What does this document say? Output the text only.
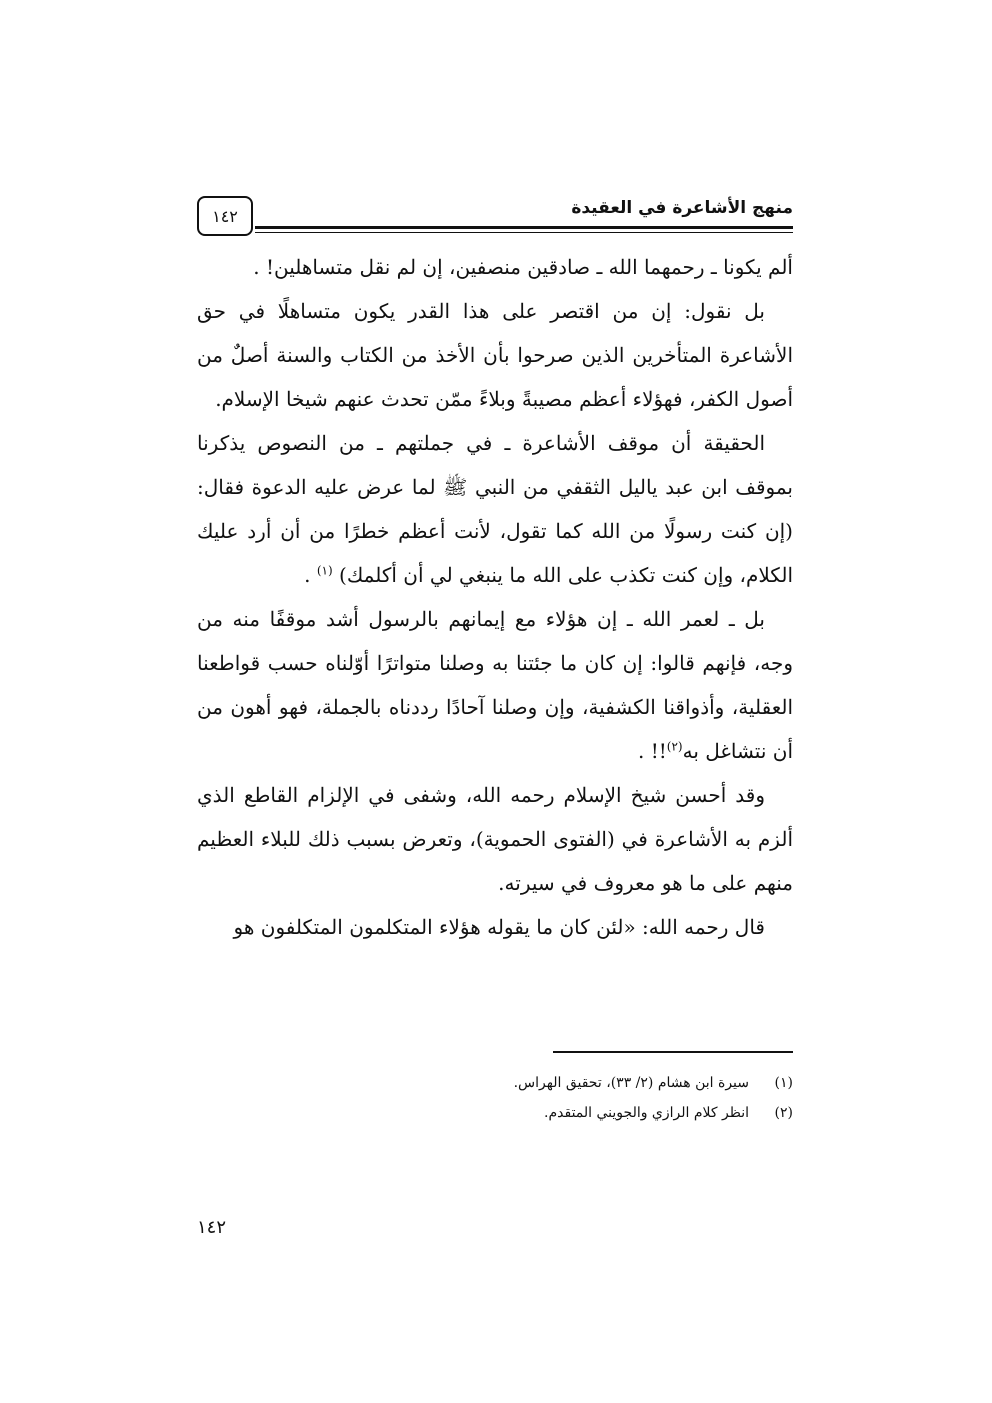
١٤٢	منهج الأشاعرة في العقيدة

ألم يكونا ـ رحمهما الله ـ صادقين منصفين، إن لم نقل متساهلين! .

بل نقول: إن من اقتصر على هذا القدر يكون متساهلًا في حق الأشاعرة المتأخرين الذين صرحوا بأن الأخذ من الكتاب والسنة أصلٌ من أصول الكفر، فهؤلاء أعظم مصيبةً وبلاءً ممّن تحدث عنهم شيخا الإسلام.

الحقيقة أن موقف الأشاعرة ـ في جملتهم ـ من النصوص يذكرنا بموقف ابن عبد ياليل الثقفي من النبي ﷺ لما عرض عليه الدعوة فقال: (إن كنت رسولًا من الله كما تقول، لأنت أعظم خطرًا من أن أرد عليك الكلام، وإن كنت تكذب على الله ما ينبغي لي أن أكلمك) $^{(١)}$ .

بل ـ لعمر الله ـ إن هؤلاء مع إيمانهم بالرسول أشد موقفًا منه من وجه، فإنهم قالوا: إن كان ما جئتنا به وصلنا متواترًا أوّلناه حسب قواطعنا العقلية، وأذواقنا الكشفية، وإن وصلنا آحادًا رددناه بالجملة، فهو أهون من أن نتشاغل به$^{(٢)}$!! .

وقد أحسن شيخ الإسلام رحمه الله، وشفى في الإلزام القاطع الذي ألزم به الأشاعرة في (الفتوى الحموية)، وتعرض بسبب ذلك للبلاء العظيم منهم على ما هو معروف في سيرته.

قال رحمه الله: «لئن كان ما يقوله هؤلاء المتكلمون المتكلفون هو

(١)
سيرة ابن هشام (٢/ ٣٣)، تحقيق الهراس.
(٢)
انظر كلام الرازي والجويني المتقدم.
١٤٢
